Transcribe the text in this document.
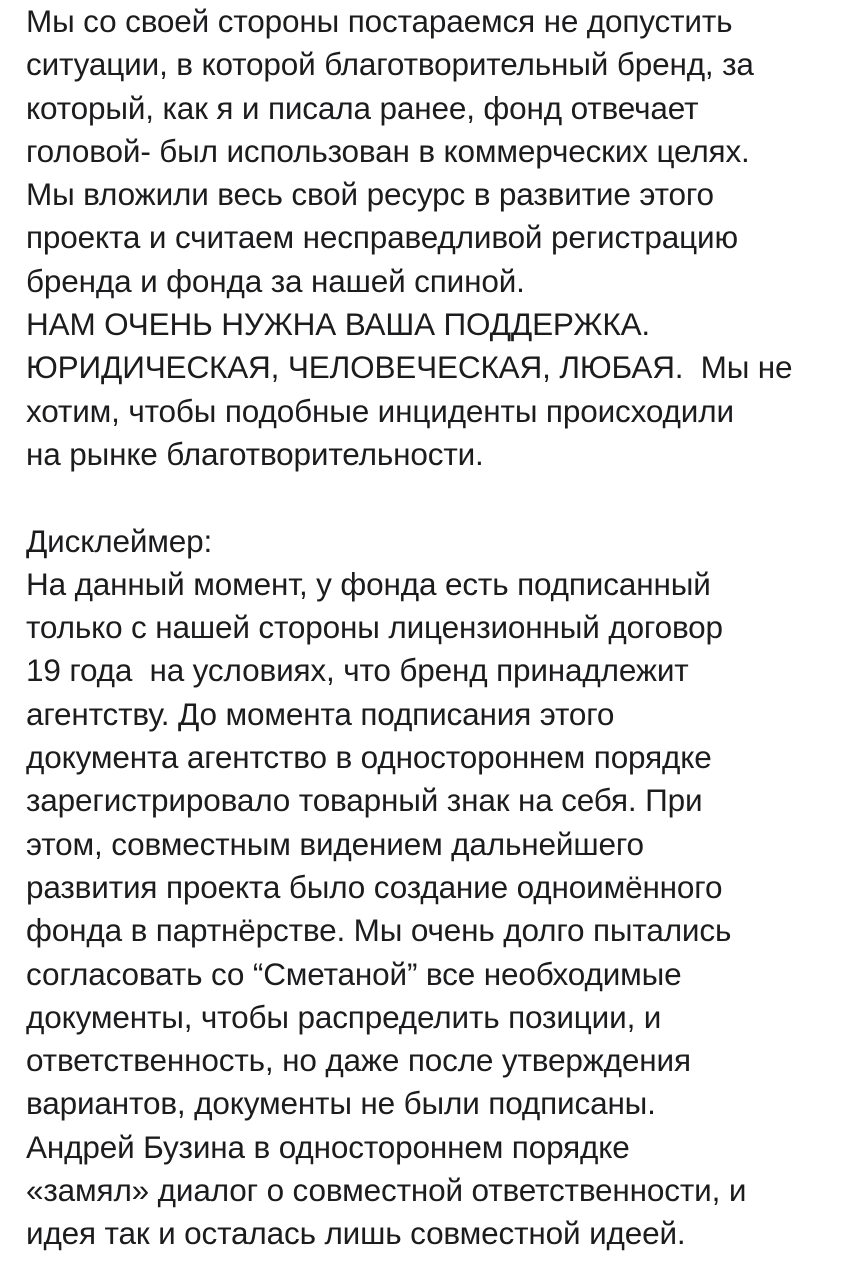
Мы со своей стороны постараемся не допустить
ситуации, в которой благотворительный бренд, за
который, как я и писала ранее, фонд отвечает
головой- был использован в коммерческих целях.
Мы вложили весь свой ресурс в развитие этого
проекта и считаем несправедливой регистрацию
бренда и фонда за нашей спиной.
НАМ ОЧЕНЬ НУЖНА ВАША ПОДДЕРЖКА.
ЮРИДИЧЕСКАЯ, ЧЕЛОВЕЧЕСКАЯ, ЛЮБАЯ.  Мы не
хотим, чтобы подобные инциденты происходили
на рынке благотворительности.
Дисклеймер:
На данный момент, у фонда есть подписанный
только с нашей стороны лицензионный договор
19 года  на условиях, что бренд принадлежит
агентству. До момента подписания этого
документа агентство в одностороннем порядке
зарегистрировало товарный знак на себя. При
этом, совместным видением дальнейшего
развития проекта было создание одноимённого
фонда в партнёрстве. Мы очень долго пытались
согласовать со “Сметаной” все необходимые
документы, чтобы распределить позиции, и
ответственность, но даже после утверждения
вариантов, документы не были подписаны.
Андрей Бузина в одностороннем порядке
«замял» диалог о совместной ответственности, и
идея так и осталась лишь совместной идеей.
